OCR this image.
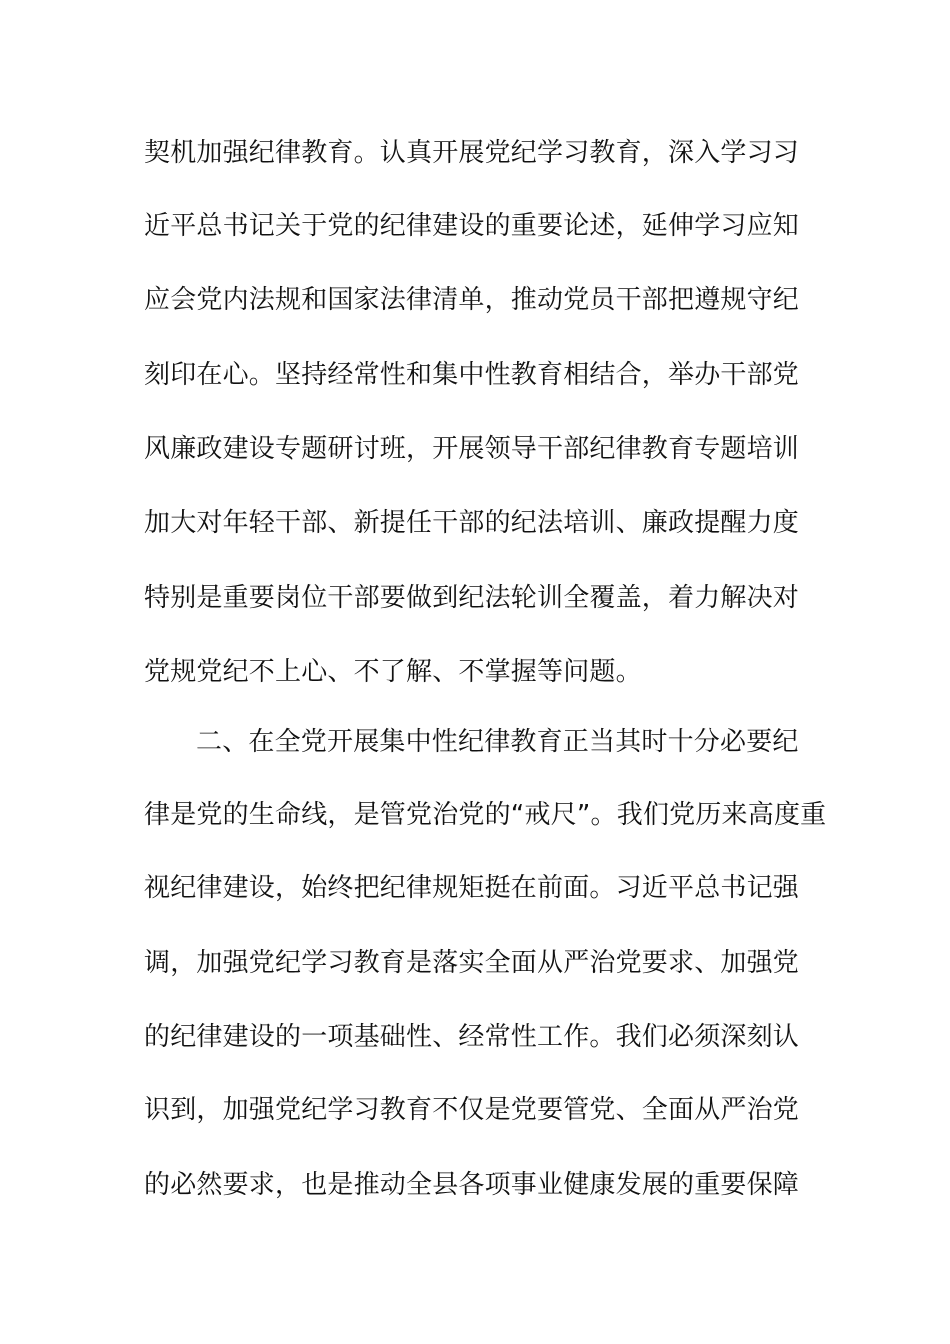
契机加强纪律教育。认真开展党纪学习教育，深入学习习
近平总书记关于党的纪律建设的重要论述，延伸学习应知
应会党内法规和国家法律清单，推动党员干部把遵规守纪
刻印在心。坚持经常性和集中性教育相结合，举办干部党
风廉政建设专题研讨班，开展领导干部纪律教育专题培训
加大对年轻干部、新提任干部的纪法培训、廉政提醒力度
特别是重要岗位干部要做到纪法轮训全覆盖，着力解决对
党规党纪不上心、不了解、不掌握等问题。
二、在全党开展集中性纪律教育正当其时十分必要纪
律是党的生命线，是管党治党的“戒尺”。我们党历来高度重
视纪律建设，始终把纪律规矩挺在前面。习近平总书记强
调，加强党纪学习教育是落实全面从严治党要求、加强党
的纪律建设的一项基础性、经常性工作。我们必须深刻认
识到，加强党纪学习教育不仅是党要管党、全面从严治党
的必然要求，也是推动全县各项事业健康发展的重要保障
